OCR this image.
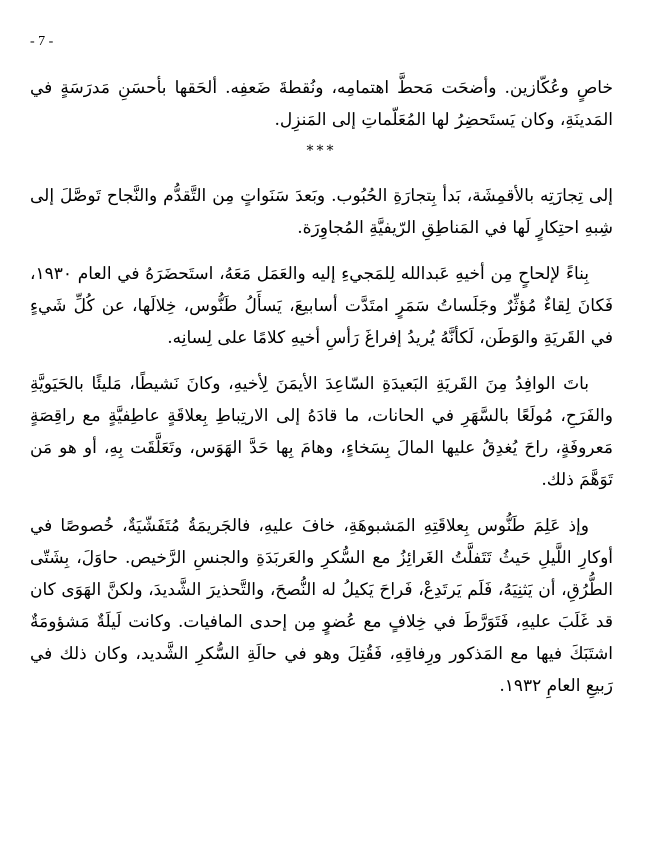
- 7 -

خاصٍ وعُكّازين. وأضحَت مَحطَّ اهتمامِه، ونُقطةَ ضَعفِه. ألحَقها بأحسَنِ مَدرَسَةٍ في المَدينَةِ، وكان يَستَحضِرُ لها المُعَلّماتِ إلى المَنزِل.

***

إلى تِجارَتِه بالأقمِشَة، بَدأ بِتجارَةِ الحُبُوب. وبَعدَ سَنَواتٍ مِن التَّقدُّم والنَّجاح تَوصَّلَ إلى شِبهِ احتِكارٍ لَها في المَناطِقِ الرّيفيَّةِ المُجاوِرَة.

بِناءً لإلحاحٍ مِن أخيهِ عَبدالله لِلمَجيءِ إليه والعَمَل مَعَهُ، استَحضَرَهُ في العام ١٩٣٠، فَكانَ لِقاءٌ مُؤثِّرٌ وجَلَساتُ سَمَرٍ امتَدَّت أسابيعَ، يَسأَلُ طَنُّوس، خِلالَها، عن كُلِّ شَيءٍ في القَريَةِ والوَطَن، لَكأنَّهُ يُريدُ إفراغَ رَأسِ أخيهِ كلامًا على لِسانِه.

باتَ الوافِدُ مِنَ القَريَةِ البَعيدَةِ السّاعِدَ الأيمَنَ لِأخيهِ، وكانَ نَشيطًا، مَليئًا بالحَيَويَّةِ والفَرَحِ، مُولَعًا بالسَّهَرِ في الحانات، ما قادَهُ إلى الارتِباطِ بِعلاقَةٍ عاطِفيَّةٍ مع راقِصَةٍ مَعروفَةٍ، راحَ يُغدِقُ عليها المالَ بِسَخاءٍ، وهامَ بِها حَدَّ الهَوَس، وتَعَلَّقَت بِهِ، أو هو مَن تَوَهَّمَ ذلك.

وإذ عَلِمَ طَنُّوس بِعلاقَتِهِ المَشبوهَةِ، خافَ عليهِ، فالجَريمَةُ مُتَفَشّيَةٌ، خُصوصًا في أوكارِ اللَّيلِ حَيثُ تَتَفلَّتُ الغَرائِزُ مع السُّكرِ والعَربَدَةِ والجنسِ الرَّخيص. حاوَلَ، بِشَتّى الطُّرُقِ، أن يَثنِيَهُ، فَلَم يَرتَدِعْ، فَراحَ يَكيلُ له النُّصحَ، والتَّحذيرَ الشَّديدَ، ولكنَّ الهَوَى كان قد غَلَبَ عليهِ، فَتَوَرَّطَ في خِلافٍ مع عُضوٍ مِن إحدى المافيات. وكانت لَيلَةٌ مَشؤومَةٌ اشتَبَكَ فيها مع المَذكور ورِفاقِهِ، فَقُتِلَ وهو في حالَةِ السُّكرِ الشَّديد، وكان ذلك في رَبيعِ العامِ ١٩٣٢.
